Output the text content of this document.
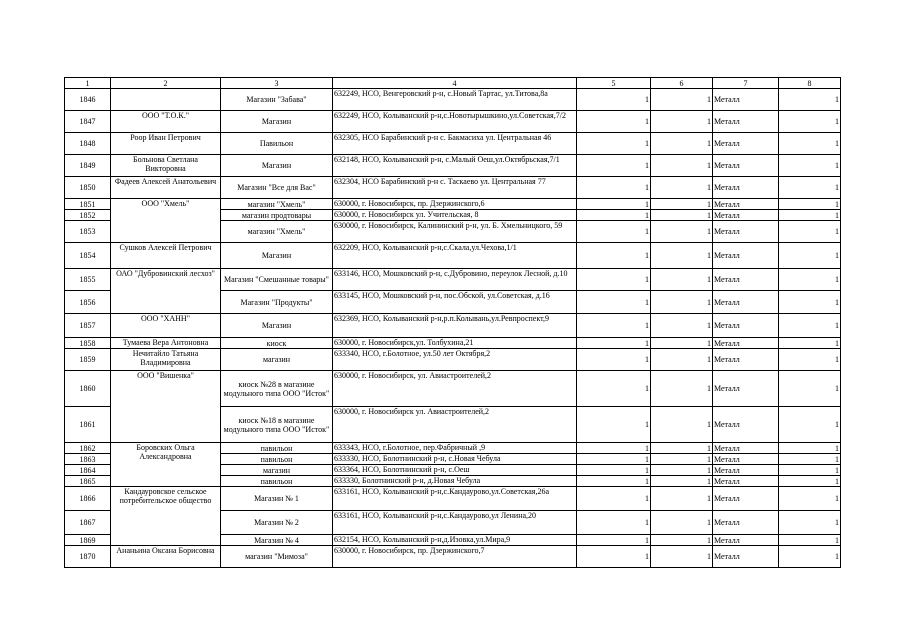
1	2	3	4	5	6	7	8
1846		Магазин "Забава"	632249, НСО, Венгеровский р-н, с.Новый Тартас, ул.Титова,8а	1	1	Металл	1
1847	ООО "Т.О.К."	Магазин	632249, НСО, Колыванский р-н,с.Новотырышкино,ул.Советская,7/2	1	1	Металл	1
1848	Роор Иван Петрович	Павильон	632305, НСО Барабинский р-н с. Бакмасиха ул. Центральная 46	1	1	Металл	1
1849	Больнова Светлана Викторовна	Магазин	632148, НСО, Колыванский р-н, с.Малый Оеш,ул.Октябрьская,7/1	1	1	Металл	1
1850	Фадеев Алексей Анатольевич	Магазин "Все для Вас"	632304, НСО Барабинский р-н с. Таскаево ул. Центральная 77	1	1	Металл	1
1851	ООО "Хмель"	магазин "Хмель"	630000, г. Новосибирск, пр. Дзержинского,6	1	1	Металл	1
1852		магазин продтовары	630000, г. Новосибирск ул. Учительская, 8	1	1	Металл	1
1853		магазин "Хмель"	630000, г. Новосибирск, Калининский р-н, ул. Б. Хмельницкого, 59	1	1	Металл	1
1854	Сушков Алексей Петрович	Магазин	632209, НСО, Колыванский р-н,с.Скала,ул.Чехова,1/1	1	1	Металл	1
1855	ОАО "Дубровинский лесхоз"	Магазин "Смешанные товары"	633146, НСО, Мошковский р-н, с.Дубровино, переулок Лесной, д.10	1	1	Металл	1
1856		Магазин "Продукты"	633145, НСО, Мошковский р-н, пос.Обской, ул.Советская, д.16	1	1	Металл	1
1857	ООО "ХАНН"	Магазин	632369, НСО, Колыванский р-н,р.п.Колывань,ул.Ревпроспект,9	1	1	Металл	1
1858	Тумаева Вера Антоновна	киоск	630000, г. Новосибирск,ул. Толбухина,21	1	1	Металл	1
1859	Нечитайло Татьяна Владимировна	магазин	633340, НСО, г.Болотное, ул.50 лет Октября,2	1	1	Металл	1
1860	ООО "Вишенка"	киоск №28 в магазине модульного типа ООО "Исток"	630000, г. Новосибирск, ул. Авиастроителей,2	1	1	Металл	1
1861		киоск №18 в магазине модульного типа ООО "Исток"	630000, г. Новосибирск ул. Авиастроителей,2	1	1	Металл	1
1862	Боровских Ольга Александровна	павильон	633343, НСО, г.Болотное, пер.Фабричный ,9	1	1	Металл	1
1863		павильон	633330, НСО, Болотнинский р-н, с.Новая Чебула	1	1	Металл	1
1864		магазин	633364, НСО, Болотнинский р-н, с.Оеш	1	1	Металл	1
1865		павильон	633330, Болотнинский р-н, д.Новая Чебула	1	1	Металл	1
1866	Кандауровское сельское потребительское общество	Магазин № 1	633161, НСО, Колыванский р-н,с.Кандаурово,ул.Советская,26а	1	1	Металл	1
1867		Магазин № 2	633161, НСО, Колыванский р-н,с.Кандаурово,ул Ленина,20	1	1	Металл	1
1869		Магазин № 4	632154, НСО, Колыванский р-н,д.Изовка,ул.Мира,9	1	1	Металл	1
1870	Ананьина Оксана Борисовна	магазин "Мимоза"	630000, г. Новосибирск, пр. Дзержинского,7	1	1	Металл	1
